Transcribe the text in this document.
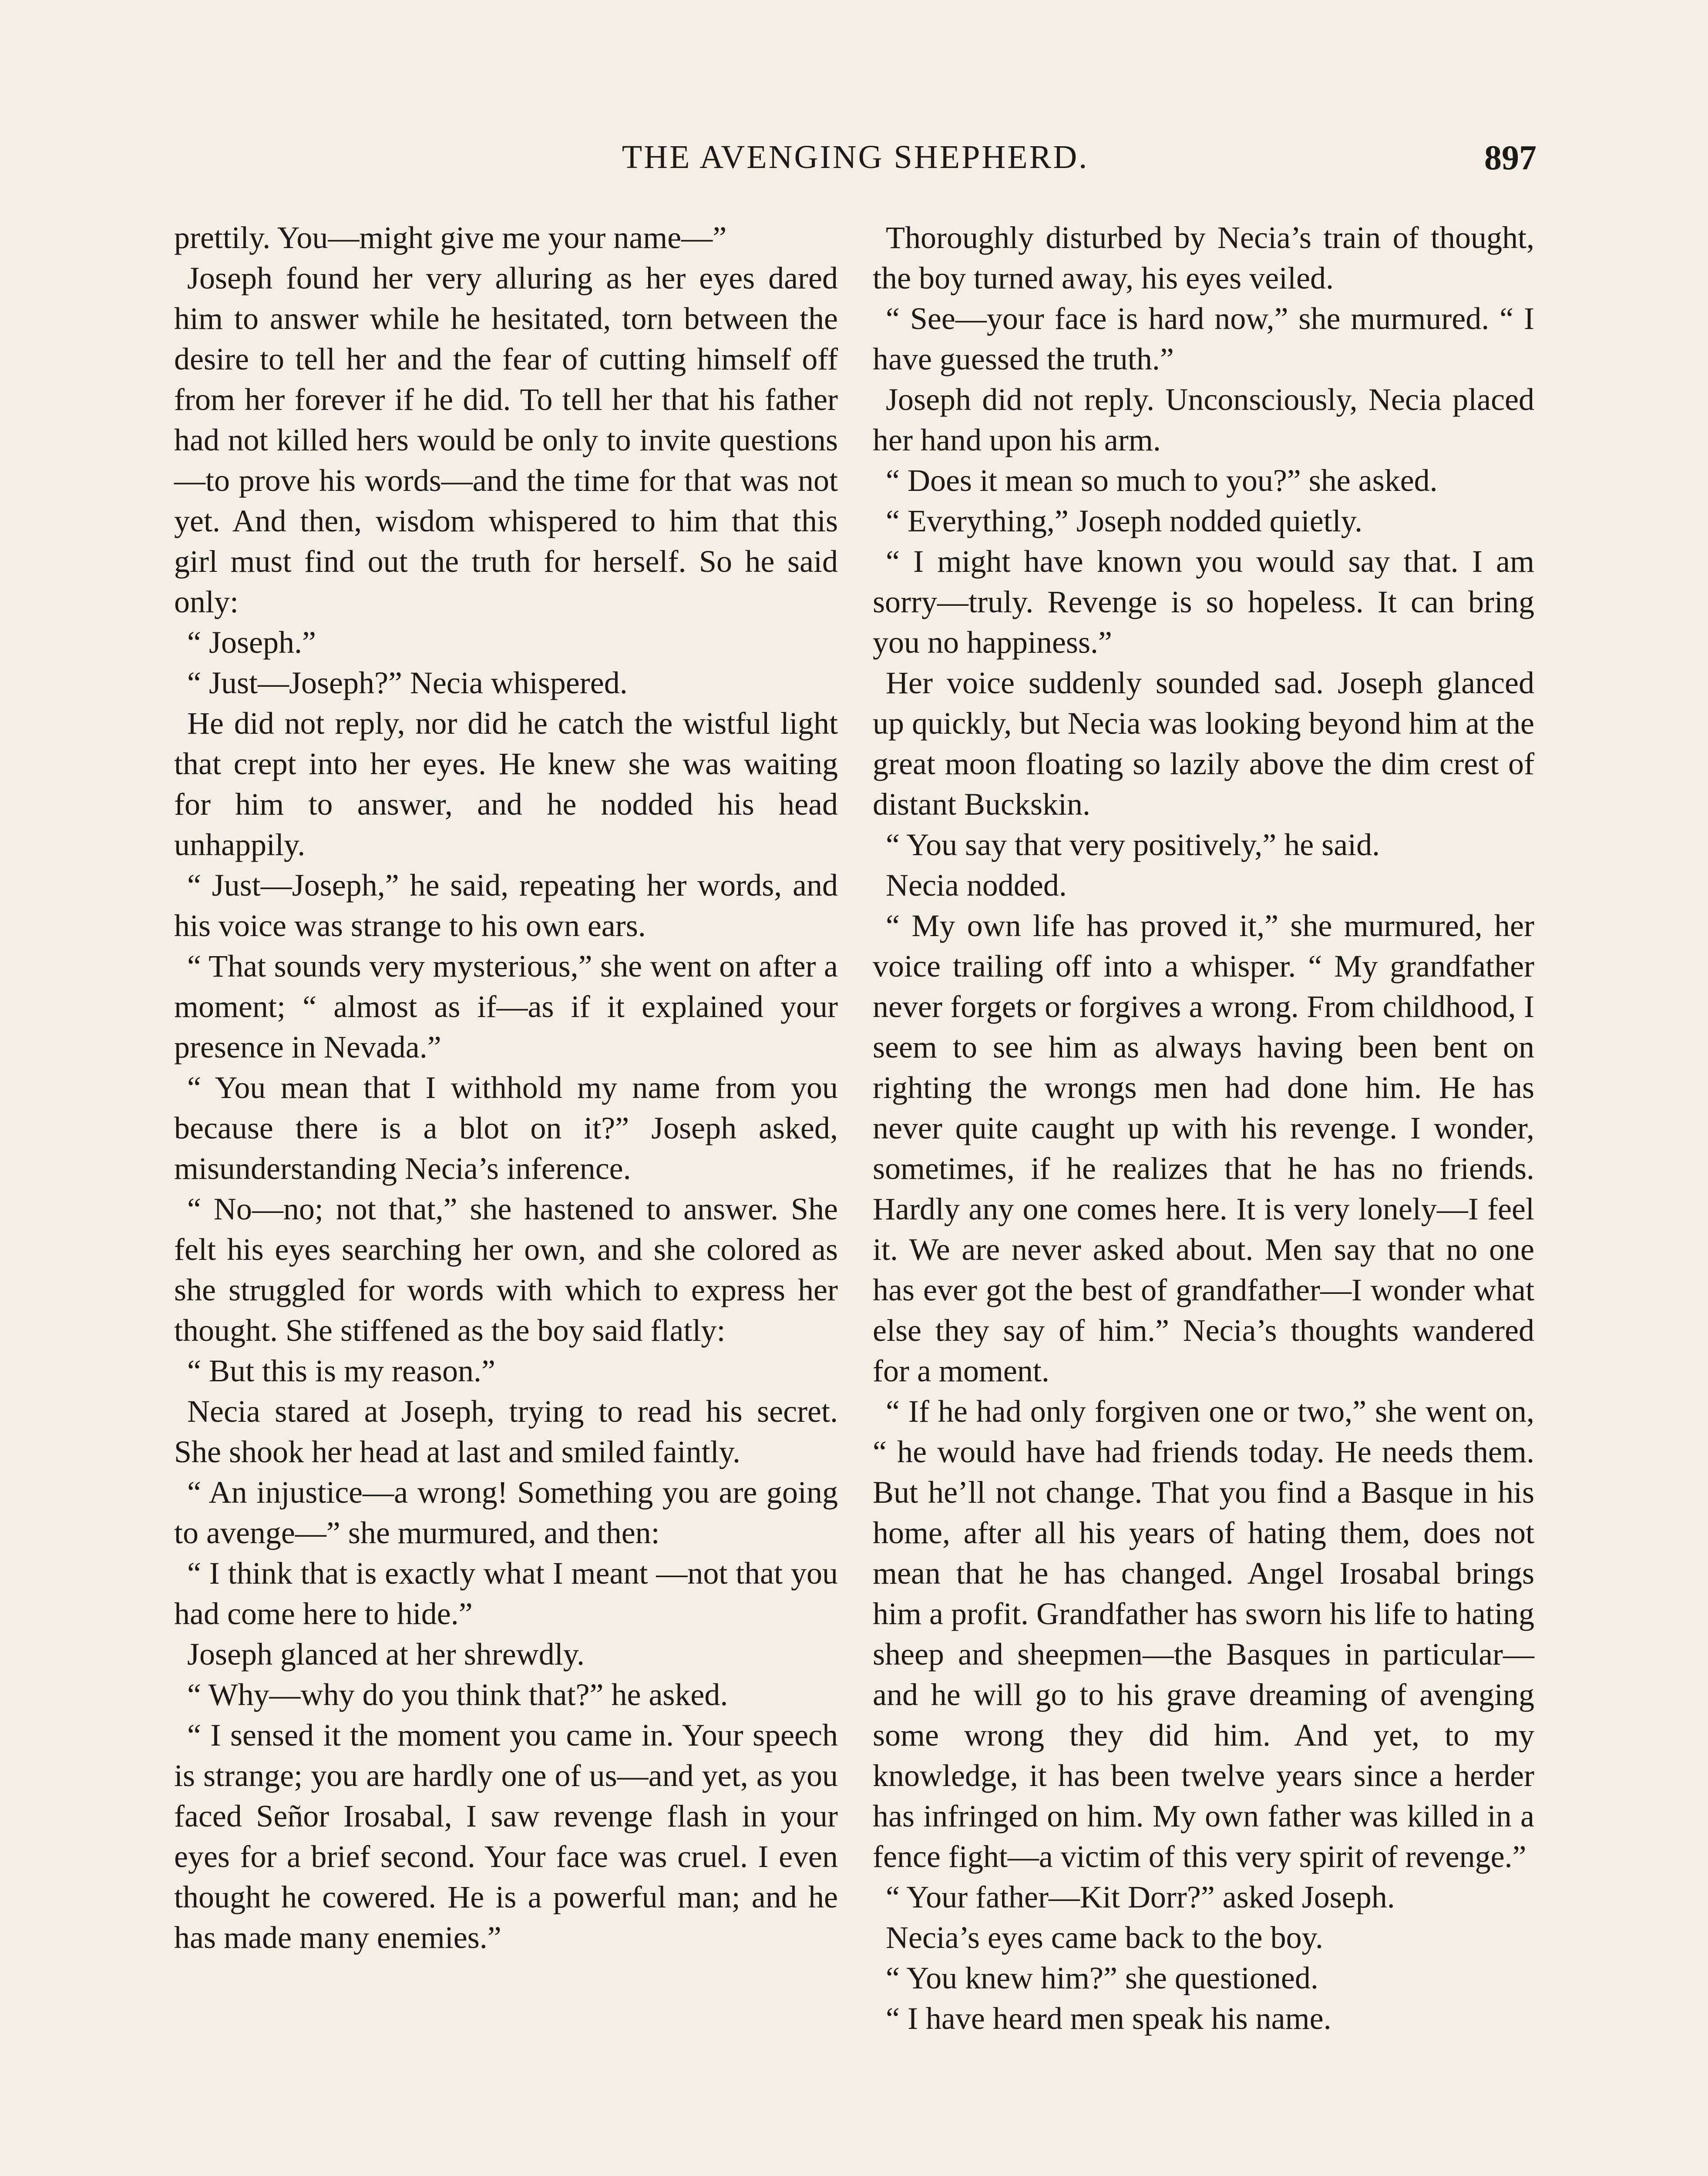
THE AVENGING SHEPHERD.	897

prettily. You—might give me your name—”

Joseph found her very alluring as her eyes dared him to answer while he hesitated, torn between the desire to tell her and the fear of cutting himself off from her forever if he did. To tell her that his father had not killed hers would be only to invite questions—to prove his words—and the time for that was not yet. And then, wisdom whispered to him that this girl must find out the truth for herself. So he said only:

“ Joseph.”

“ Just—Joseph?” Necia whispered.

He did not reply, nor did he catch the wistful light that crept into her eyes. He knew she was waiting for him to answer, and he nodded his head unhappily.

“ Just—Joseph,” he said, repeating her words, and his voice was strange to his own ears.

“ That sounds very mysterious,” she went on after a moment; “ almost as if—as if it explained your presence in Nevada.”

“ You mean that I withhold my name from you because there is a blot on it?” Joseph asked, misunderstanding Necia’s inference.

“ No—no; not that,” she hastened to answer. She felt his eyes searching her own, and she colored as she struggled for words with which to express her thought. She stiffened as the boy said flatly:

“ But this is my reason.”

Necia stared at Joseph, trying to read his secret. She shook her head at last and smiled faintly.

“ An injustice—a wrong! Something you are going to avenge—” she murmured, and then:

“ I think that is exactly what I meant —not that you had come here to hide.”

Joseph glanced at her shrewdly.

“ Why—why do you think that?” he asked.

“ I sensed it the moment you came in. Your speech is strange; you are hardly one of us—and yet, as you faced Señor Irosabal, I saw revenge flash in your eyes for a brief second. Your face was cruel. I even thought he cowered. He is a powerful man; and he has made many enemies.”

Thoroughly disturbed by Necia’s train of thought, the boy turned away, his eyes veiled.

“ See—your face is hard now,” she murmured. “ I have guessed the truth.”

Joseph did not reply. Unconsciously, Necia placed her hand upon his arm.

“ Does it mean so much to you?” she asked.

“ Everything,” Joseph nodded quietly.

“ I might have known you would say that. I am sorry—truly. Revenge is so hopeless. It can bring you no happiness.”

Her voice suddenly sounded sad. Joseph glanced up quickly, but Necia was looking beyond him at the great moon floating so lazily above the dim crest of distant Buckskin.

“ You say that very positively,” he said.

Necia nodded.

“ My own life has proved it,” she murmured, her voice trailing off into a whisper. “ My grandfather never forgets or forgives a wrong. From childhood, I seem to see him as always having been bent on righting the wrongs men had done him. He has never quite caught up with his revenge. I wonder, sometimes, if he realizes that he has no friends. Hardly any one comes here. It is very lonely—I feel it. We are never asked about. Men say that no one has ever got the best of grandfather—I wonder what else they say of him.” Necia’s thoughts wandered for a moment.

“ If he had only forgiven one or two,” she went on, “ he would have had friends today. He needs them. But he’ll not change. That you find a Basque in his home, after all his years of hating them, does not mean that he has changed. Angel Irosabal brings him a profit. Grandfather has sworn his life to hating sheep and sheepmen—the Basques in particular—and he will go to his grave dreaming of avenging some wrong they did him. And yet, to my knowledge, it has been twelve years since a herder has infringed on him. My own father was killed in a fence fight—a victim of this very spirit of revenge.”

“ Your father—Kit Dorr?” asked Joseph.

Necia’s eyes came back to the boy.

“ You knew him?” she questioned.

“ I have heard men speak his name.
